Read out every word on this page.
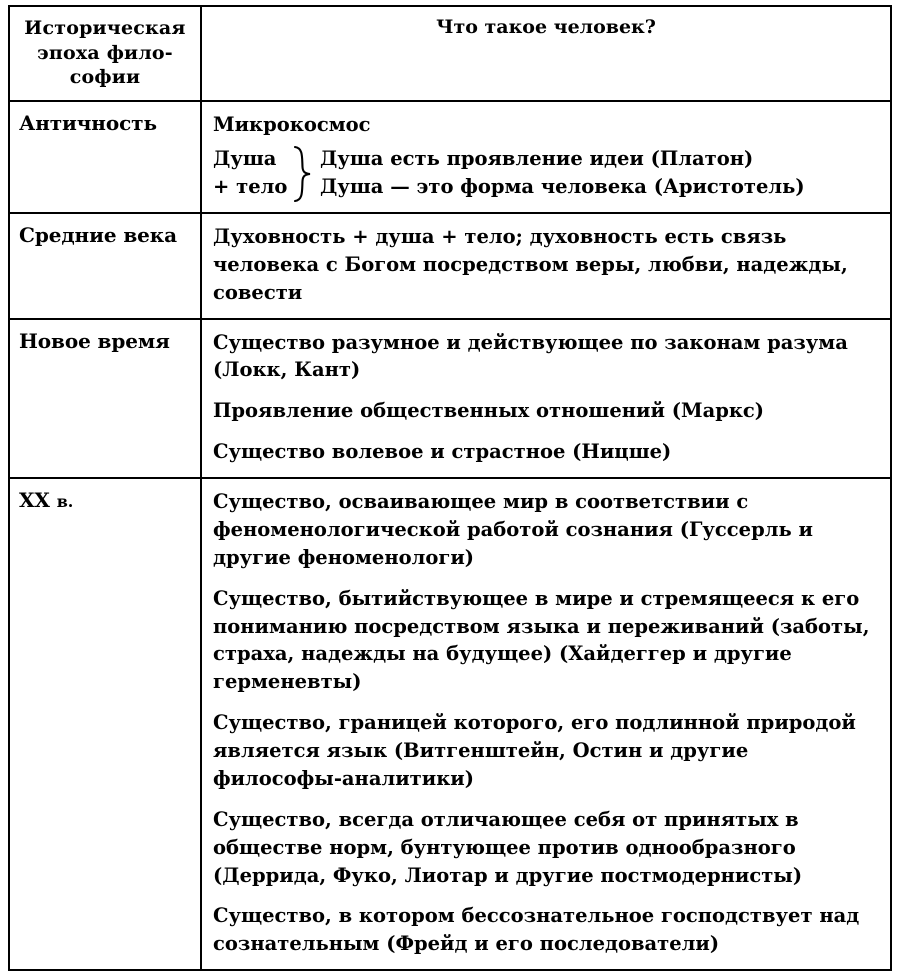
Историческая
эпоха фило-
софии	Что такое человек?
Античность	Микрокосмос

Душа
+ тело
Душа есть проявление идеи (Платон)
Душа — это форма человека (Аристотель)

Средние века	Духовность + душа + тело; духовность есть связь человека с Богом посредством веры, любви, надежды, совести

Новое время	Существо разумное и действующее по законам разума (Локк, Кант)

Проявление общественных отношений (Маркс)

Существо волевое и страстное (Ницше)

XX в.	Существо, осваивающее мир в соответствии с феноменологической работой сознания (Гуссерль и другие феноменологи)

Существо, бытийствующее в мире и стремящееся к его пониманию посредством языка и переживаний (заботы, страха, надежды на будущее) (Хайдеггер и другие герменевты)

Существо, границей которого, его подлинной природой является язык (Витгенштейн, Остин и другие философы-аналитики)

Существо, всегда отличающее себя от принятых в обществе норм, бунтующее против однообразного (Деррида, Фуко, Лиотар и другие постмодернисты)

Существо, в котором бессознательное господствует над сознательным (Фрейд и его последователи)
